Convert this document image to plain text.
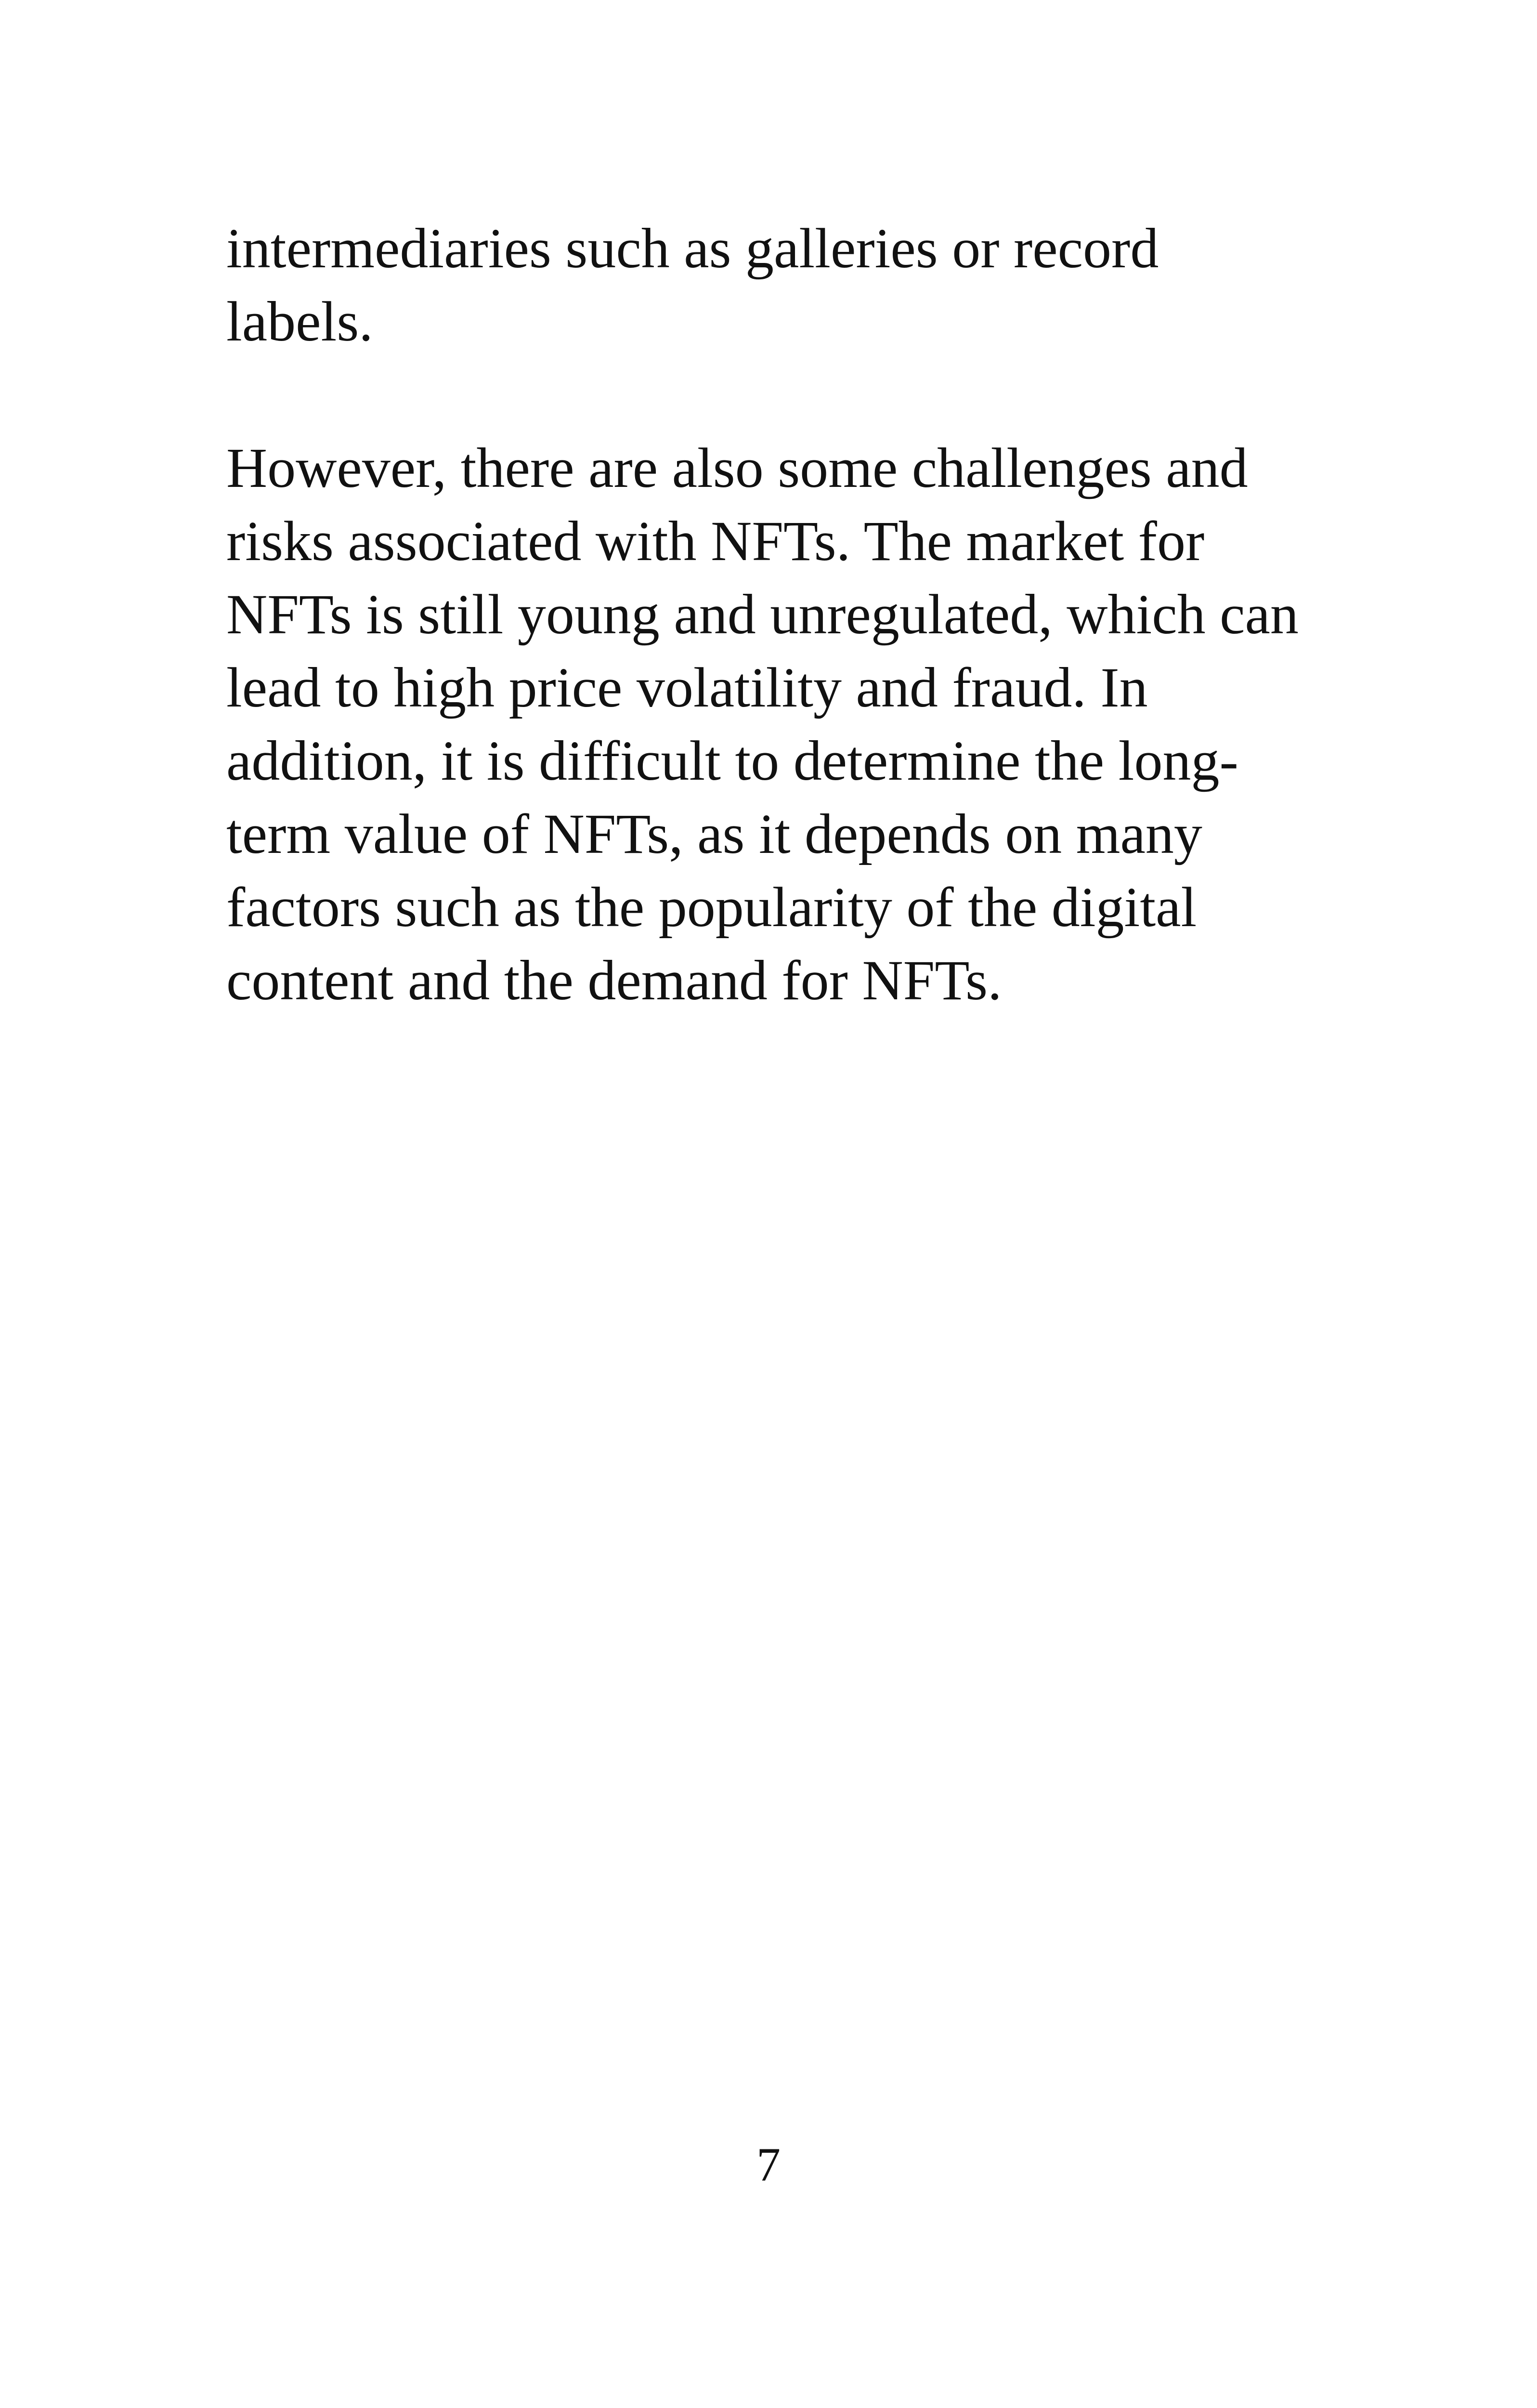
intermediaries such as galleries or record
labels.

However, there are also some challenges and
risks associated with NFTs. The market for
NFTs is still young and unregulated, which can
lead to high price volatility and fraud. In
addition, it is difficult to determine the long-
term value of NFTs, as it depends on many
factors such as the popularity of the digital
content and the demand for NFTs.

7
